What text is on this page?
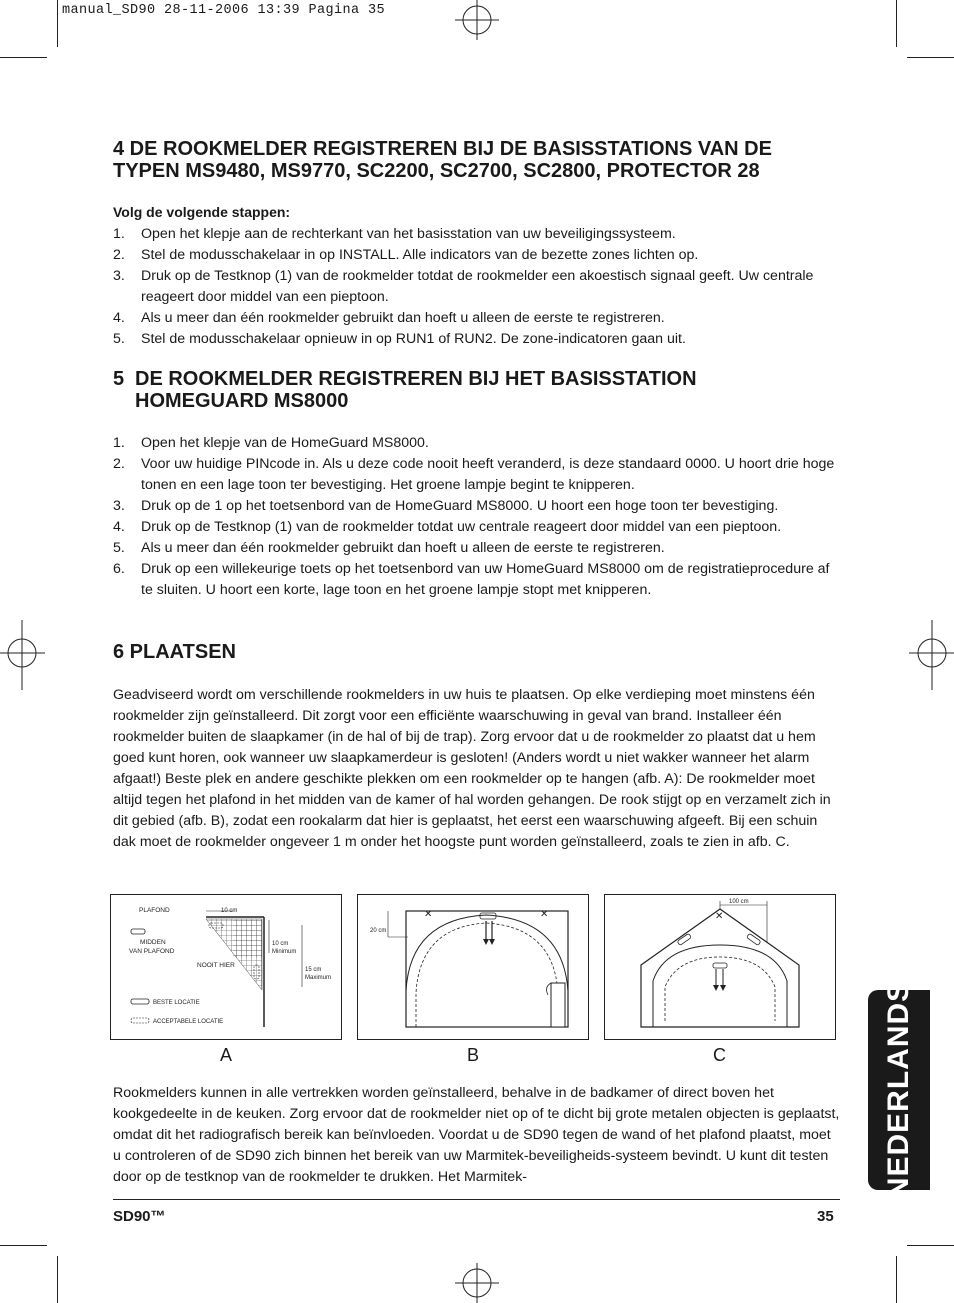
manual_SD90 28-11-2006 13:39 Pagina 35
4 DE ROOKMELDER REGISTREREN BIJ DE BASISSTATIONS VAN DE
TYPEN MS9480, MS9770, SC2200, SC2700, SC2800, PROTECTOR 28
Volg de volgende stappen:
1. Open het klepje aan de rechterkant van het basisstation van uw beveiligingssysteem.
2. Stel de modusschakelaar in op INSTALL. Alle indicators van de bezette zones lichten op.
3. Druk op de Testknop (1) van de rookmelder totdat de rookmelder een akoestisch signaal geeft. Uw centrale reageert door middel van een pieptoon.
4. Als u meer dan één rookmelder gebruikt dan hoeft u alleen de eerste te registreren.
5. Stel de modusschakelaar opnieuw in op RUN1 of RUN2. De zone-indicatoren gaan uit.
5 DE ROOKMELDER REGISTREREN BIJ HET BASISSTATION
HOMEGUARD MS8000
1. Open het klepje van de HomeGuard MS8000.
2. Voor uw huidige PINcode in. Als u deze code nooit heeft veranderd, is deze standaard 0000. U hoort drie hoge tonen en een lage toon ter bevestiging. Het groene lampje begint te knipperen.
3. Druk op de 1 op het toetsenbord van de HomeGuard MS8000. U hoort een hoge toon ter bevestiging.
4. Druk op de Testknop (1) van de rookmelder totdat uw centrale reageert door middel van een pieptoon.
5. Als u meer dan één rookmelder gebruikt dan hoeft u alleen de eerste te registreren.
6. Druk op een willekeurige toets op het toetsenbord van uw HomeGuard MS8000 om de registratieprocedure af te sluiten. U hoort een korte, lage toon en het groene lampje stopt met knipperen.
6 PLAATSEN
Geadviseerd wordt om verschillende rookmelders in uw huis te plaatsen. Op elke verdieping moet minstens één rookmelder zijn geïnstalleerd. Dit zorgt voor een efficiënte waarschuwing in geval van brand. Installeer één rookmelder buiten de slaapkamer (in de hal of bij de trap). Zorg ervoor dat u de rookmelder zo plaatst dat u hem goed kunt horen, ook wanneer uw slaapkamerdeur is gesloten! (Anders wordt u niet wakker wanneer het alarm afgaat!) Beste plek en andere geschikte plekken om een rookmelder op te hangen (afb. A): De rookmelder moet altijd tegen het plafond in het midden van de kamer of hal worden gehangen. De rook stijgt op en verzamelt zich in dit gebied (afb. B), zodat een rookalarm dat hier is geplaatst, het eerst een waarschuwing afgeeft. Bij een schuin dak moet de rookmelder ongeveer 1 m onder het hoogste punt worden geïnstalleerd, zoals te zien in afb. C.
PLAFOND	10 cm
MIDDEN
VAN PLAFOND
10 cm
Minimum
NOOIT HIER
15 cm
Maximum
BESTE LOCATIE
ACCEPTABELE LOCATIE
✕	✕
20 cm
✕
100 cm
A	B	C
Rookmelders kunnen in alle vertrekken worden geïnstalleerd, behalve in de badkamer of direct boven het kookgedeelte in de keuken. Zorg ervoor dat de rookmelder niet op of te dicht bij grote metalen objecten is geplaatst, omdat dit het radiografisch bereik kan beïnvloeden. Voordat u de SD90 tegen de wand of het plafond plaatst, moet u controleren of de SD90 zich binnen het bereik van uw Marmitek-beveiligheids-systeem bevindt. U kunt dit testen door op de testknop van de rookmelder te drukken. Het Marmitek-	NEDERLANDS
SD90™	35
